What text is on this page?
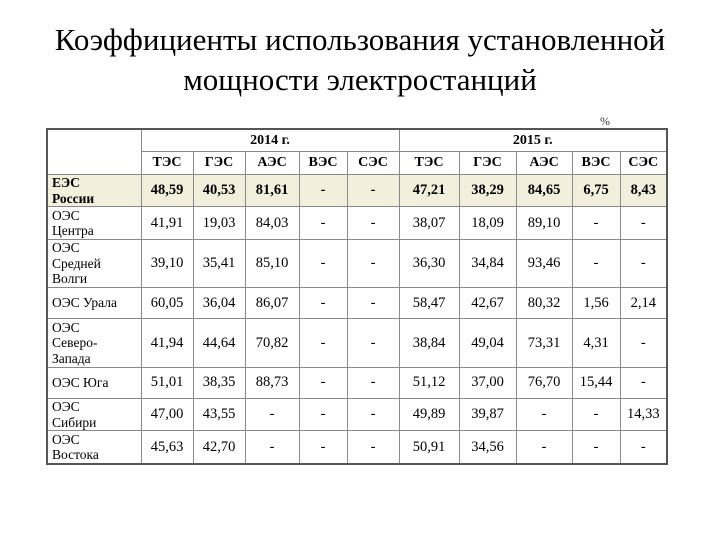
Коэффициенты использования установленной
мощности электростанций
%
	2014 г.					2015 г.				
	ТЭС	ГЭС	АЭС	ВЭС	СЭС	ТЭС	ГЭС	АЭС	ВЭС	СЭС

ЕЭС
России	48,59	40,53	81,61	-	-	47,21	38,29	84,65	6,75	8,43

ОЭС
Центра	41,91	19,03	84,03	-	-	38,07	18,09	89,10	-	-

ОЭС
Средней
Волги	39,10	35,41	85,10	-	-	36,30	34,84	93,46	-	-

ОЭС Урала	60,05	36,04	86,07	-	-	58,47	42,67	80,32	1,56	2,14

ОЭС
Северо-
Запада	41,94	44,64	70,82	-	-	38,84	49,04	73,31	4,31	-

ОЭС Юга	51,01	38,35	88,73	-	-	51,12	37,00	76,70	15,44	-

ОЭС
Сибири	47,00	43,55	-	-	-	49,89	39,87	-	-	14,33

ОЭС
Востока	45,63	42,70	-	-	-	50,91	34,56	-	-	-
